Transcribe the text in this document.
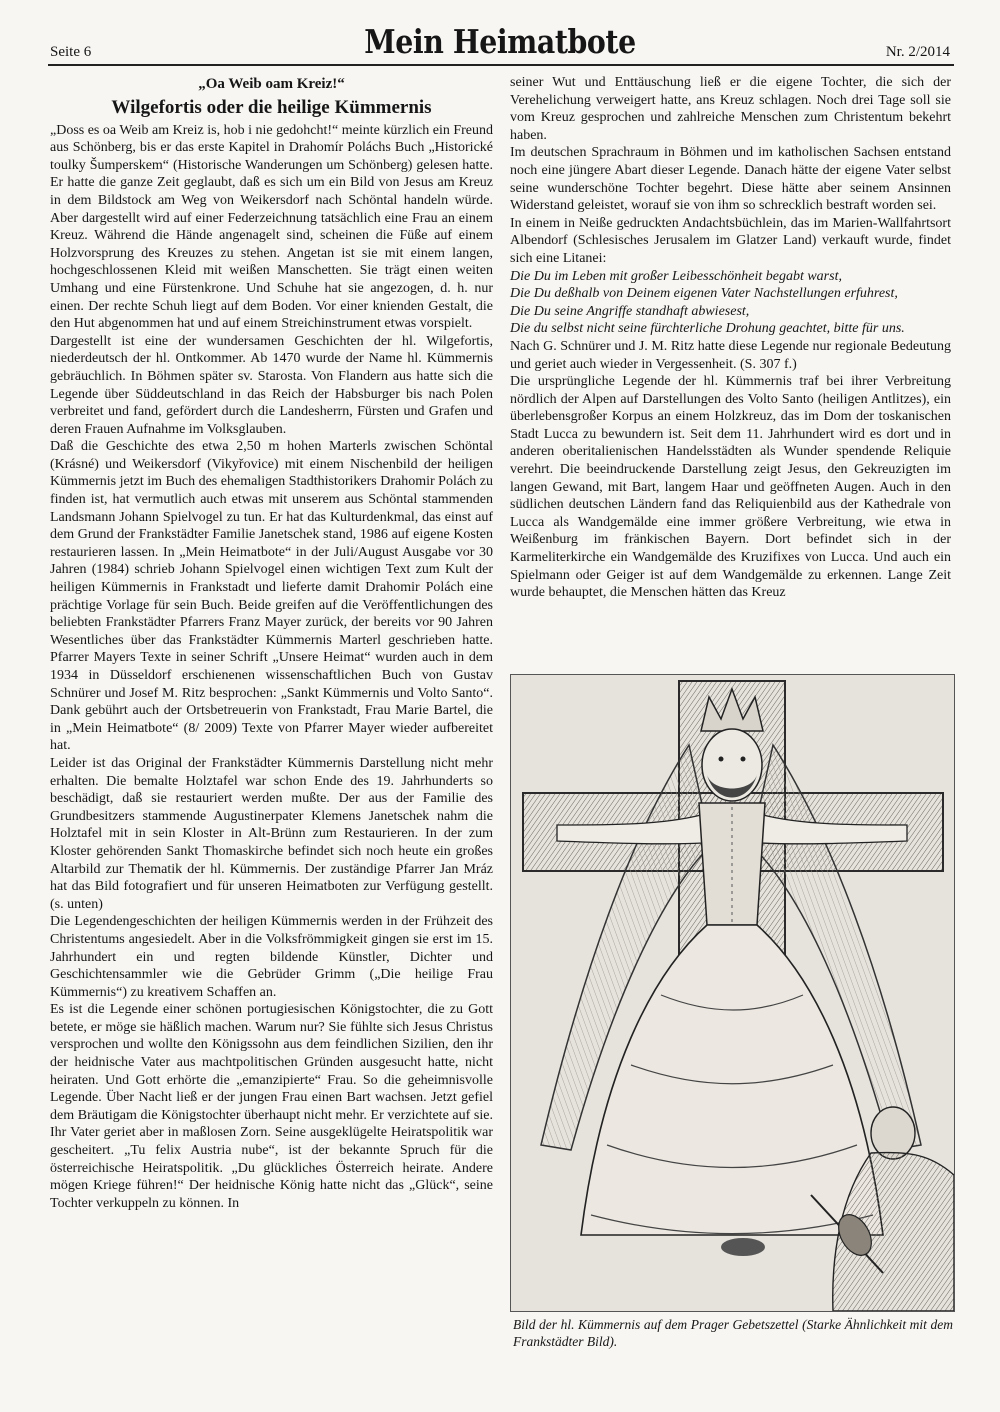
Seite 6	Mein Heimatbote	Nr. 2/2014

„Oa Weib oam Kreiz!“

Wilgefortis oder die heilige Kümmernis

„Doss es oa Weib am Kreiz is, hob i nie gedohcht!“ meinte kürzlich ein Freund aus Schönberg, bis er das erste Kapitel in Drahomír Poláchs Buch „Historické toulky Šumperskem“ (Historische Wanderungen um Schönberg) gelesen hatte. Er hatte die ganze Zeit geglaubt, daß es sich um ein Bild von Jesus am Kreuz in dem Bildstock am Weg von Weikersdorf nach Schöntal handeln würde. Aber dargestellt wird auf einer Federzeichnung tatsächlich eine Frau an einem Kreuz. Während die Hände angenagelt sind, scheinen die Füße auf einem Holzvorsprung des Kreuzes zu stehen. Angetan ist sie mit einem langen, hochgeschlossenen Kleid mit weißen Manschetten. Sie trägt einen weiten Umhang und eine Fürstenkrone. Und Schuhe hat sie angezogen, d. h. nur einen. Der rechte Schuh liegt auf dem Boden. Vor einer knienden Gestalt, die den Hut abgenommen hat und auf einem Streichinstrument etwas vorspielt.

Dargestellt ist eine der wundersamen Geschichten der hl. Wilgefortis, niederdeutsch der hl. Ontkommer. Ab 1470 wurde der Name hl. Kümmernis gebräuchlich. In Böhmen später sv. Starosta. Von Flandern aus hatte sich die Legende über Süddeutschland in das Reich der Habsburger bis nach Polen verbreitet und fand, gefördert durch die Landesherrn, Fürsten und Grafen und deren Frauen Aufnahme im Volksglauben.

Daß die Geschichte des etwa 2,50 m hohen Marterls zwischen Schöntal (Krásné) und Weikersdorf (Vikyřovice) mit einem Nischenbild der heiligen Kümmernis jetzt im Buch des ehemaligen Stadthistorikers Drahomir Polách zu finden ist, hat vermutlich auch etwas mit unserem aus Schöntal stammenden Landsmann Johann Spielvogel zu tun. Er hat das Kulturdenkmal, das einst auf dem Grund der Frankstädter Familie Janetschek stand, 1986 auf eigene Kosten restaurieren lassen. In „Mein Heimatbote“ in der Juli/August Ausgabe vor 30 Jahren (1984) schrieb Johann Spielvogel einen wichtigen Text zum Kult der heiligen Kümmernis in Frankstadt und lieferte damit Drahomir Polách eine prächtige Vorlage für sein Buch. Beide greifen auf die Veröffentlichungen des beliebten Frankstädter Pfarrers Franz Mayer zurück, der bereits vor 90 Jahren Wesentliches über das Frankstädter Kümmernis Marterl geschrieben hatte. Pfarrer Mayers Texte in seiner Schrift „Unsere Heimat“ wurden auch in dem 1934 in Düsseldorf erschienenen wissenschaftlichen Buch von Gustav Schnürer und Josef M. Ritz besprochen: „Sankt Kümmernis und Volto Santo“. Dank gebührt auch der Ortsbetreuerin von Frankstadt, Frau Marie Bartel, die in „Mein Heimatbote“ (8/ 2009) Texte von Pfarrer Mayer wieder aufbereitet hat.

Leider ist das Original der Frankstädter Kümmernis Darstellung nicht mehr erhalten. Die bemalte Holztafel war schon Ende des 19. Jahrhunderts so beschädigt, daß sie restauriert werden mußte. Der aus der Familie des Grundbesitzers stammende Augustinerpater Klemens Janetschek nahm die Holztafel mit in sein Kloster in Alt-Brünn zum Restaurieren. In der zum Kloster gehörenden Sankt Thomaskirche befindet sich noch heute ein großes Altarbild zur Thematik der hl. Kümmernis. Der zuständige Pfarrer Jan Mráz hat das Bild fotografiert und für unseren Heimatboten zur Verfügung gestellt. (s. unten)

Die Legendengeschichten der heiligen Kümmernis werden in der Frühzeit des Christentums angesiedelt. Aber in die Volksfrömmigkeit gingen sie erst im 15. Jahrhundert ein und regten bildende Künstler, Dichter und Geschichtensammler wie die Gebrüder Grimm („Die heilige Frau Kümmernis“) zu kreativem Schaffen an.

Es ist die Legende einer schönen portugiesischen Königstochter, die zu Gott betete, er möge sie häßlich machen. Warum nur? Sie fühlte sich Jesus Christus versprochen und wollte den Königssohn aus dem feindlichen Sizilien, den ihr der heidnische Vater aus machtpolitischen Gründen ausgesucht hatte, nicht heiraten. Und Gott erhörte die „emanzipierte“ Frau. So die geheimnisvolle Legende. Über Nacht ließ er der jungen Frau einen Bart wachsen. Jetzt gefiel dem Bräutigam die Königstochter überhaupt nicht mehr. Er verzichtete auf sie. Ihr Vater geriet aber in maßlosen Zorn. Seine ausgeklügelte Heiratspolitik war gescheitert. „Tu felix Austria nube“, ist der bekannte Spruch für die österreichische Heiratspolitik. „Du glückliches Österreich heirate. Andere mögen Kriege führen!“ Der heidnische König hatte nicht das „Glück“, seine Tochter verkuppeln zu können. In

seiner Wut und Enttäuschung ließ er die eigene Tochter, die sich der Verehelichung verweigert hatte, ans Kreuz schlagen. Noch drei Tage soll sie vom Kreuz gesprochen und zahlreiche Menschen zum Christentum bekehrt haben.

Im deutschen Sprachraum in Böhmen und im katholischen Sachsen entstand noch eine jüngere Abart dieser Legende. Danach hätte der eigene Vater selbst seine wunderschöne Tochter begehrt. Diese hätte aber seinem Ansinnen Widerstand geleistet, worauf sie von ihm so schrecklich bestraft worden sei.

In einem in Neiße gedruckten Andachtsbüchlein, das im Marien-Wallfahrtsort Albendorf (Schlesisches Jerusalem im Glatzer Land) verkauft wurde, findet sich eine Litanei:

Die Du im Leben mit großer Leibesschönheit begabt warst,

Die Du deßhalb von Deinem eigenen Vater Nachstellungen erfuhrest,

Die Du seine Angriffe standhaft abwiesest,

Die du selbst nicht seine fürchterliche Drohung geachtet, bitte für uns.

Nach G. Schnürer und J. M. Ritz hatte diese Legende nur regionale Bedeutung und geriet auch wieder in Vergessenheit. (S. 307 f.)

Die ursprüngliche Legende der hl. Kümmernis traf bei ihrer Verbreitung nördlich der Alpen auf Darstellungen des Volto Santo (heiligen Antlitzes), ein überlebensgroßer Korpus an einem Holzkreuz, das im Dom der toskanischen Stadt Lucca zu bewundern ist. Seit dem 11. Jahrhundert wird es dort und in anderen oberitalienischen Handelsstädten als Wunder spendende Reliquie verehrt. Die beeindruckende Darstellung zeigt Jesus, den Gekreuzigten im langen Gewand, mit Bart, langem Haar und geöffneten Augen. Auch in den südlichen deutschen Ländern fand das Reliquienbild aus der Kathedrale von Lucca als Wandgemälde eine immer größere Verbreitung, wie etwa in Weißenburg im fränkischen Bayern. Dort befindet sich in der Karmeliterkirche ein Wandgemälde des Kruzifixes von Lucca. Und auch ein Spielmann oder Geiger ist auf dem Wandgemälde zu erkennen. Lange Zeit wurde behauptet, die Menschen hätten das Kreuz

Bild der hl. Kümmernis auf dem Prager Gebetszettel (Starke Ähnlichkeit mit dem Frankstädter Bild).
